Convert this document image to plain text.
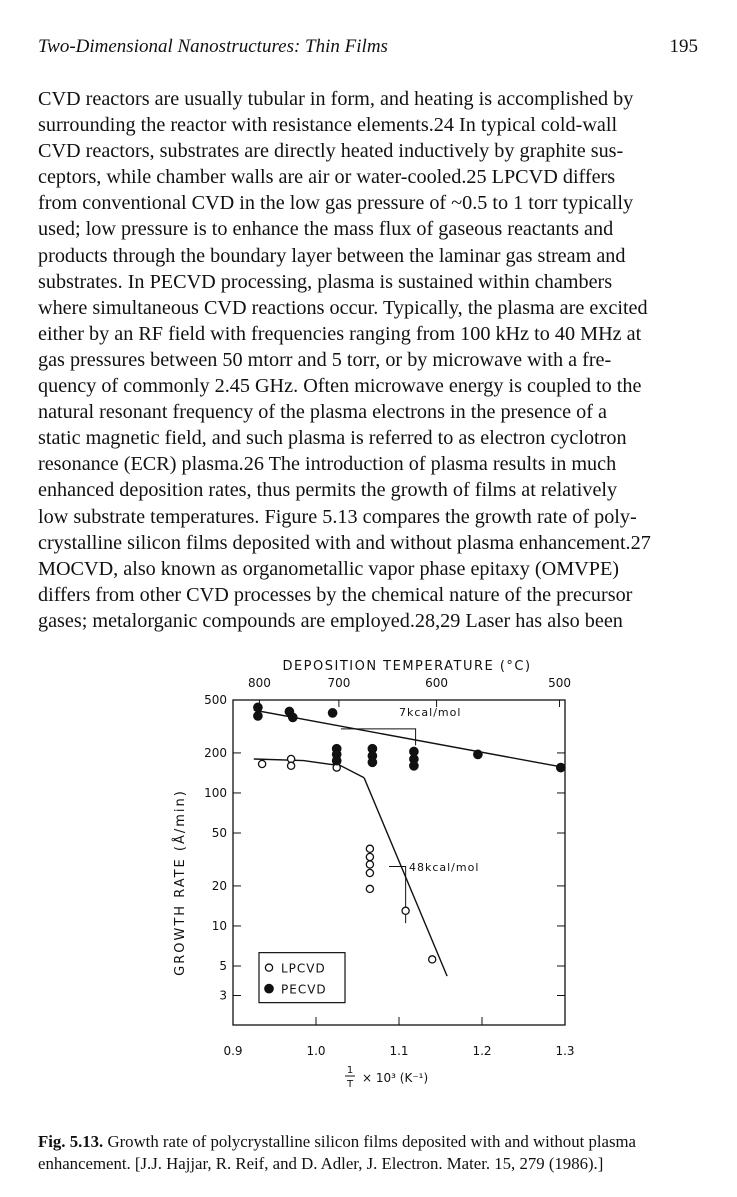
Two-Dimensional Nanostructures: Thin Films	195
CVD reactors are usually tubular in form, and heating is accomplished by
surrounding the reactor with resistance elements.24 In typical cold-wall
CVD reactors, substrates are directly heated inductively by graphite sus-
ceptors, while chamber walls are air or water-cooled.25 LPCVD differs
from conventional CVD in the low gas pressure of ~0.5 to 1 torr typically
used; low pressure is to enhance the mass flux of gaseous reactants and
products through the boundary layer between the laminar gas stream and
substrates. In PECVD processing, plasma is sustained within chambers
where simultaneous CVD reactions occur. Typically, the plasma are excited
either by an RF field with frequencies ranging from 100 kHz to 40 MHz at
gas pressures between 50 mtorr and 5 torr, or by microwave with a fre-
quency of commonly 2.45 GHz. Often microwave energy is coupled to the
natural resonant frequency of the plasma electrons in the presence of a
static magnetic field, and such plasma is referred to as electron cyclotron
resonance (ECR) plasma.26 The introduction of plasma results in much
enhanced deposition rates, thus permits the growth of films at relatively
low substrate temperatures. Figure 5.13 compares the growth rate of poly-
crystalline silicon films deposited with and without plasma enhancement.27
MOCVD, also known as organometallic vapor phase epitaxy (OMVPE)
differs from other CVD processes by the chemical nature of the precursor
gases; metalorganic compounds are employed.28,29 Laser has also been
DEPOSITION TEMPERATURE (°C)
800	700	600	500
0.9	1.0	1.1	1.2	1.3
1
T × 10³ (K⁻¹)
500
200
100
50
20
10
5
3
GROWTH RATE (Å/min)
7kcal/mol
48kcal/mol
LPCVD
PECVD
Fig. 5.13. Growth rate of polycrystalline silicon films deposited with and without plasma
enhancement. [J.J. Hajjar, R. Reif, and D. Adler, J. Electron. Mater. 15, 279 (1986).]
